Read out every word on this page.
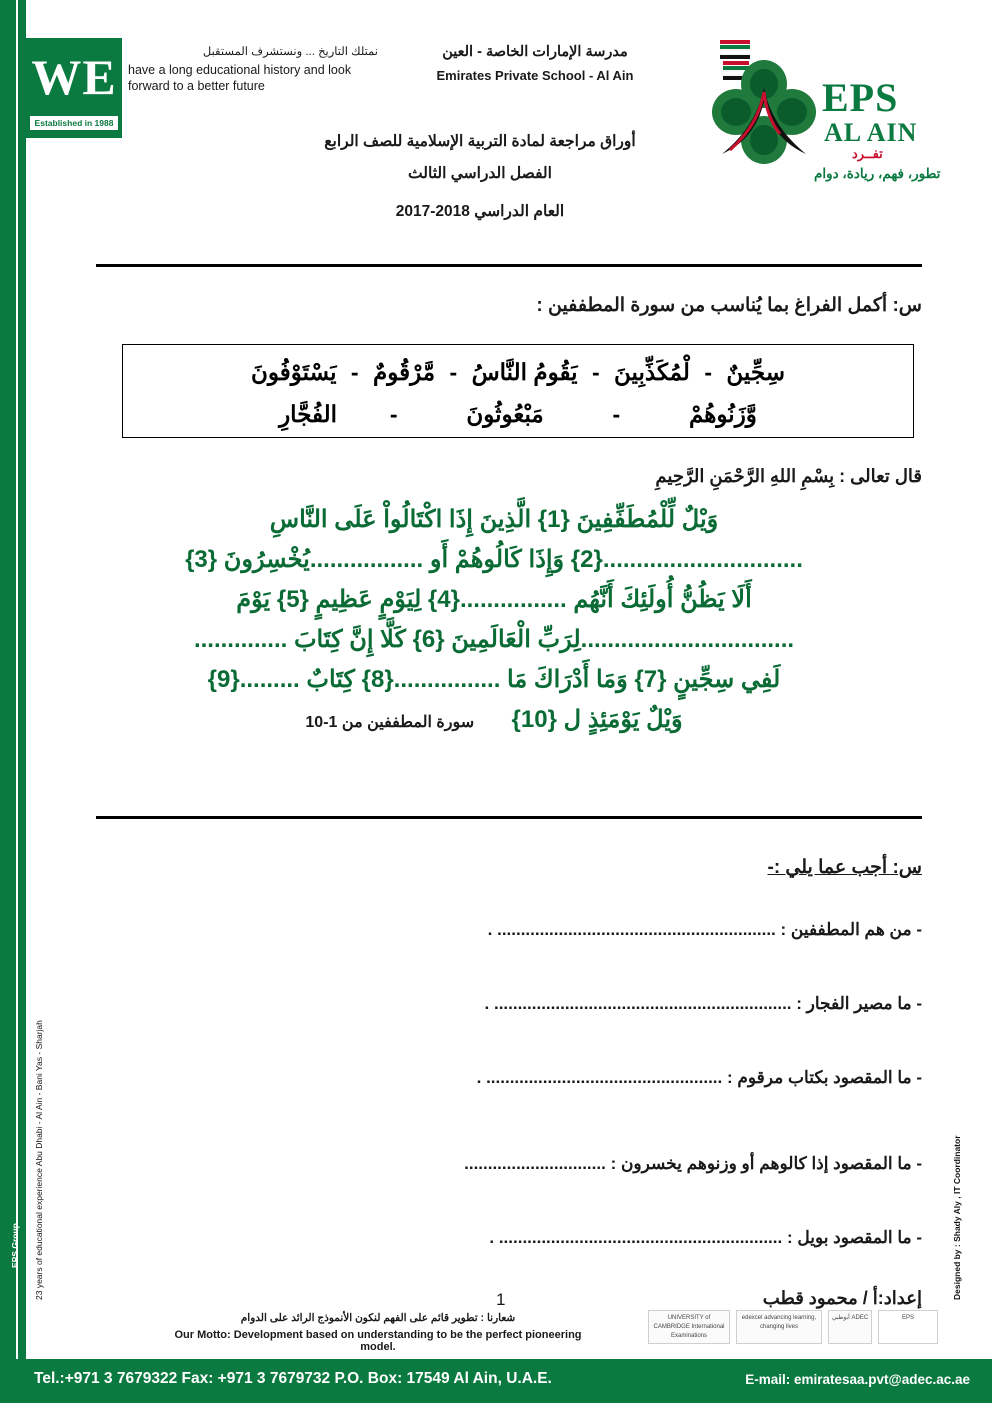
EPS Group 23 years of educational experience Abu Dhabi - Al Ain - Bani Yas - Sharjah	Designed by : Shady Aly , IT Coordinator
WE
Established in 1988
نمتلك التاريخ ... ونستشرف المستقبل
have a long educational history and look forward to a better future
مدرسة الإمارات الخاصة - العين
Emirates Private School - Al Ain	EPS
AL AIN
تفــرد
تطور، فهم، ريادة، دوام
أوراق مراجعة لمادة التربية الإسلامية للصف الرابع
الفصل الدراسي الثالث
العام الدراسي 2018-2017
س: أكمل الفراغ بما يُناسب من سورة المطففين :
سِجِّينٌ - لْمُكَذِّبِينَ - يَقُومُ النَّاسُ - مَّرْقُومٌ - يَسْتَوْفُونَ
وَّزَنُوهُمْ  -  مَبْعُوثُونَ  -  الفُجَّارِ
قال تعالى : بِسْمِ اللهِ الرَّحْمَنِ الرَّحِيمِ
وَيْلٌ لِّلْمُطَفِّفِينَ {1} الَّذِينَ إِذَا اكْتَالُواْ عَلَى النَّاسِ
..............................{2} وَإِذَا كَالُوهُمْ أَو .................يُخْسِرُونَ {3}
أَلَا يَظُنُّ أُولَئِكَ أَنَّهُم ................{4} لِيَوْمٍ عَظِيمٍ {5} يَوْمَ
................................لِرَبِّ الْعَالَمِينَ {6} كَلَّا إِنَّ كِتَابَ ..............
لَفِي سِجِّينٍ {7} وَمَا أَدْرَاكَ مَا ................{8} كِتَابٌ .........{9}
وَيْلٌ يَوْمَئِذٍ ل {10}  سورة المطففين من 1-10
س: أجب عما يلي :-
- من هم المطففين : ........................................................... .
- ما مصير الفجار : ............................................................... .
- ما المقصود بكتاب مرقوم : .................................................. .
- ما المقصود إذا كالوهم أو وزنوهم يخسرون : ..............................
- ما المقصود بويل : ............................................................ .
إعداد:أ / محمود قطب
1
شعارنا : تطوير قائم على الفهم لنكون الأنموذج الرائد على الدوام
Our Motto: Development based on understanding to be the perfect pioneering model.
UNIVERSITY of CAMBRIDGE International Examinations
edexcel advancing learning, changing lives
أبوظبي ADEC	EPS
Tel.:+971 3 7679322 Fax: +971 3 7679732 P.O. Box: 17549 Al Ain, U.A.E.	E-mail: emiratesaa.pvt@adec.ac.ae
